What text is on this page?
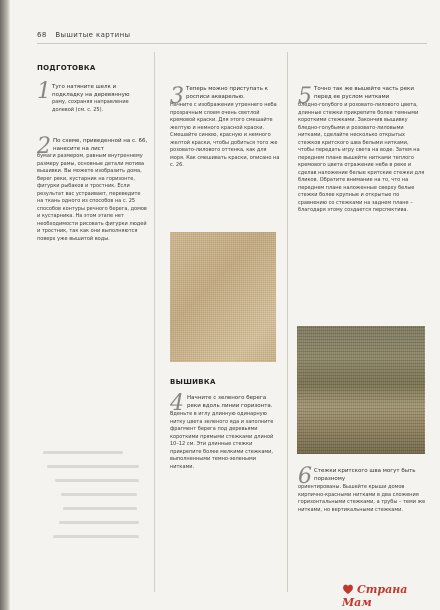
68 Вышитые картины
ПОДГОТОВКА
1 Туго натяните шелк и подкладку на деревянную

раму, сохраняя направление долевой (см. с. 25).

2 По схеме, приведенной на с. 66, нанесите на лист

бумаги размером, равным внутреннему размеру рамы, основные детали мотива вышивки. Вы можете изобразить дома, берег реки, кустарник на горизонте, фигурки рыбаков и тростник. Если результат вас устраивает, переведите на ткань одного из способов на с. 25 способов контуры речного берега, домов и кустарника. На этом этапе нет необходимости рисовать фигурки людей и тростник, так как они выполняются поверх уже вышитой воды.

3 Теперь можно приступать к росписи акварелью.

Начните с изображения утреннего неба прозрачным слоем очень светлой кремовой краски. Для этого смешайте желтую и немного красной краски. Смешайте синюю, красную и немного желтой краски, чтобы добиться того же розовато-лилового оттенка, как для моря. Как смешивать краски, описано на с. 26.

ВЫШИВКА
4 Начните с зеленого берега реки вдоль линии горизонта.

Вденьте в иглу длинную одинарную нитку цвета зеленого яда и заполните фрагмент берега под деревьями короткими прямыми стежками длиной 10–12 см. Эти длинные стежки прикрепите более мелкими стежками, выполненными темно-зелеными нитками.

5 Точно так же вышейте часть реки перед ее руслом нитками

бледно-голубого и розовато-лилового цвета, длинные стежки прикрепите более темными короткими стежками. Закончив вышивку бледно-голубыми и розовато-лиловыми нитками, сделайте несколько открытых стежков критского шва белыми нитками, чтобы передать игру света на воде. Затем на переднем плане вышейте нитками теплого кремового цвета отражение неба в реке и сделав наложение белые критские стежки для бликов. Обратите внимание на то, что на переднем плане наложенные сверху белые стежки более крупные и открытые по сравнению со стежками на заднем плане – благодаря этому создается перспектива.

6 Стежки критского шва могут быть поразному

ориентированы. Вышейте крыши домов кирпично-красными нитками в два сложения горизонтальными стежками, а трубы – теми же нитками, но вертикальными стежками.

Страна Мам
